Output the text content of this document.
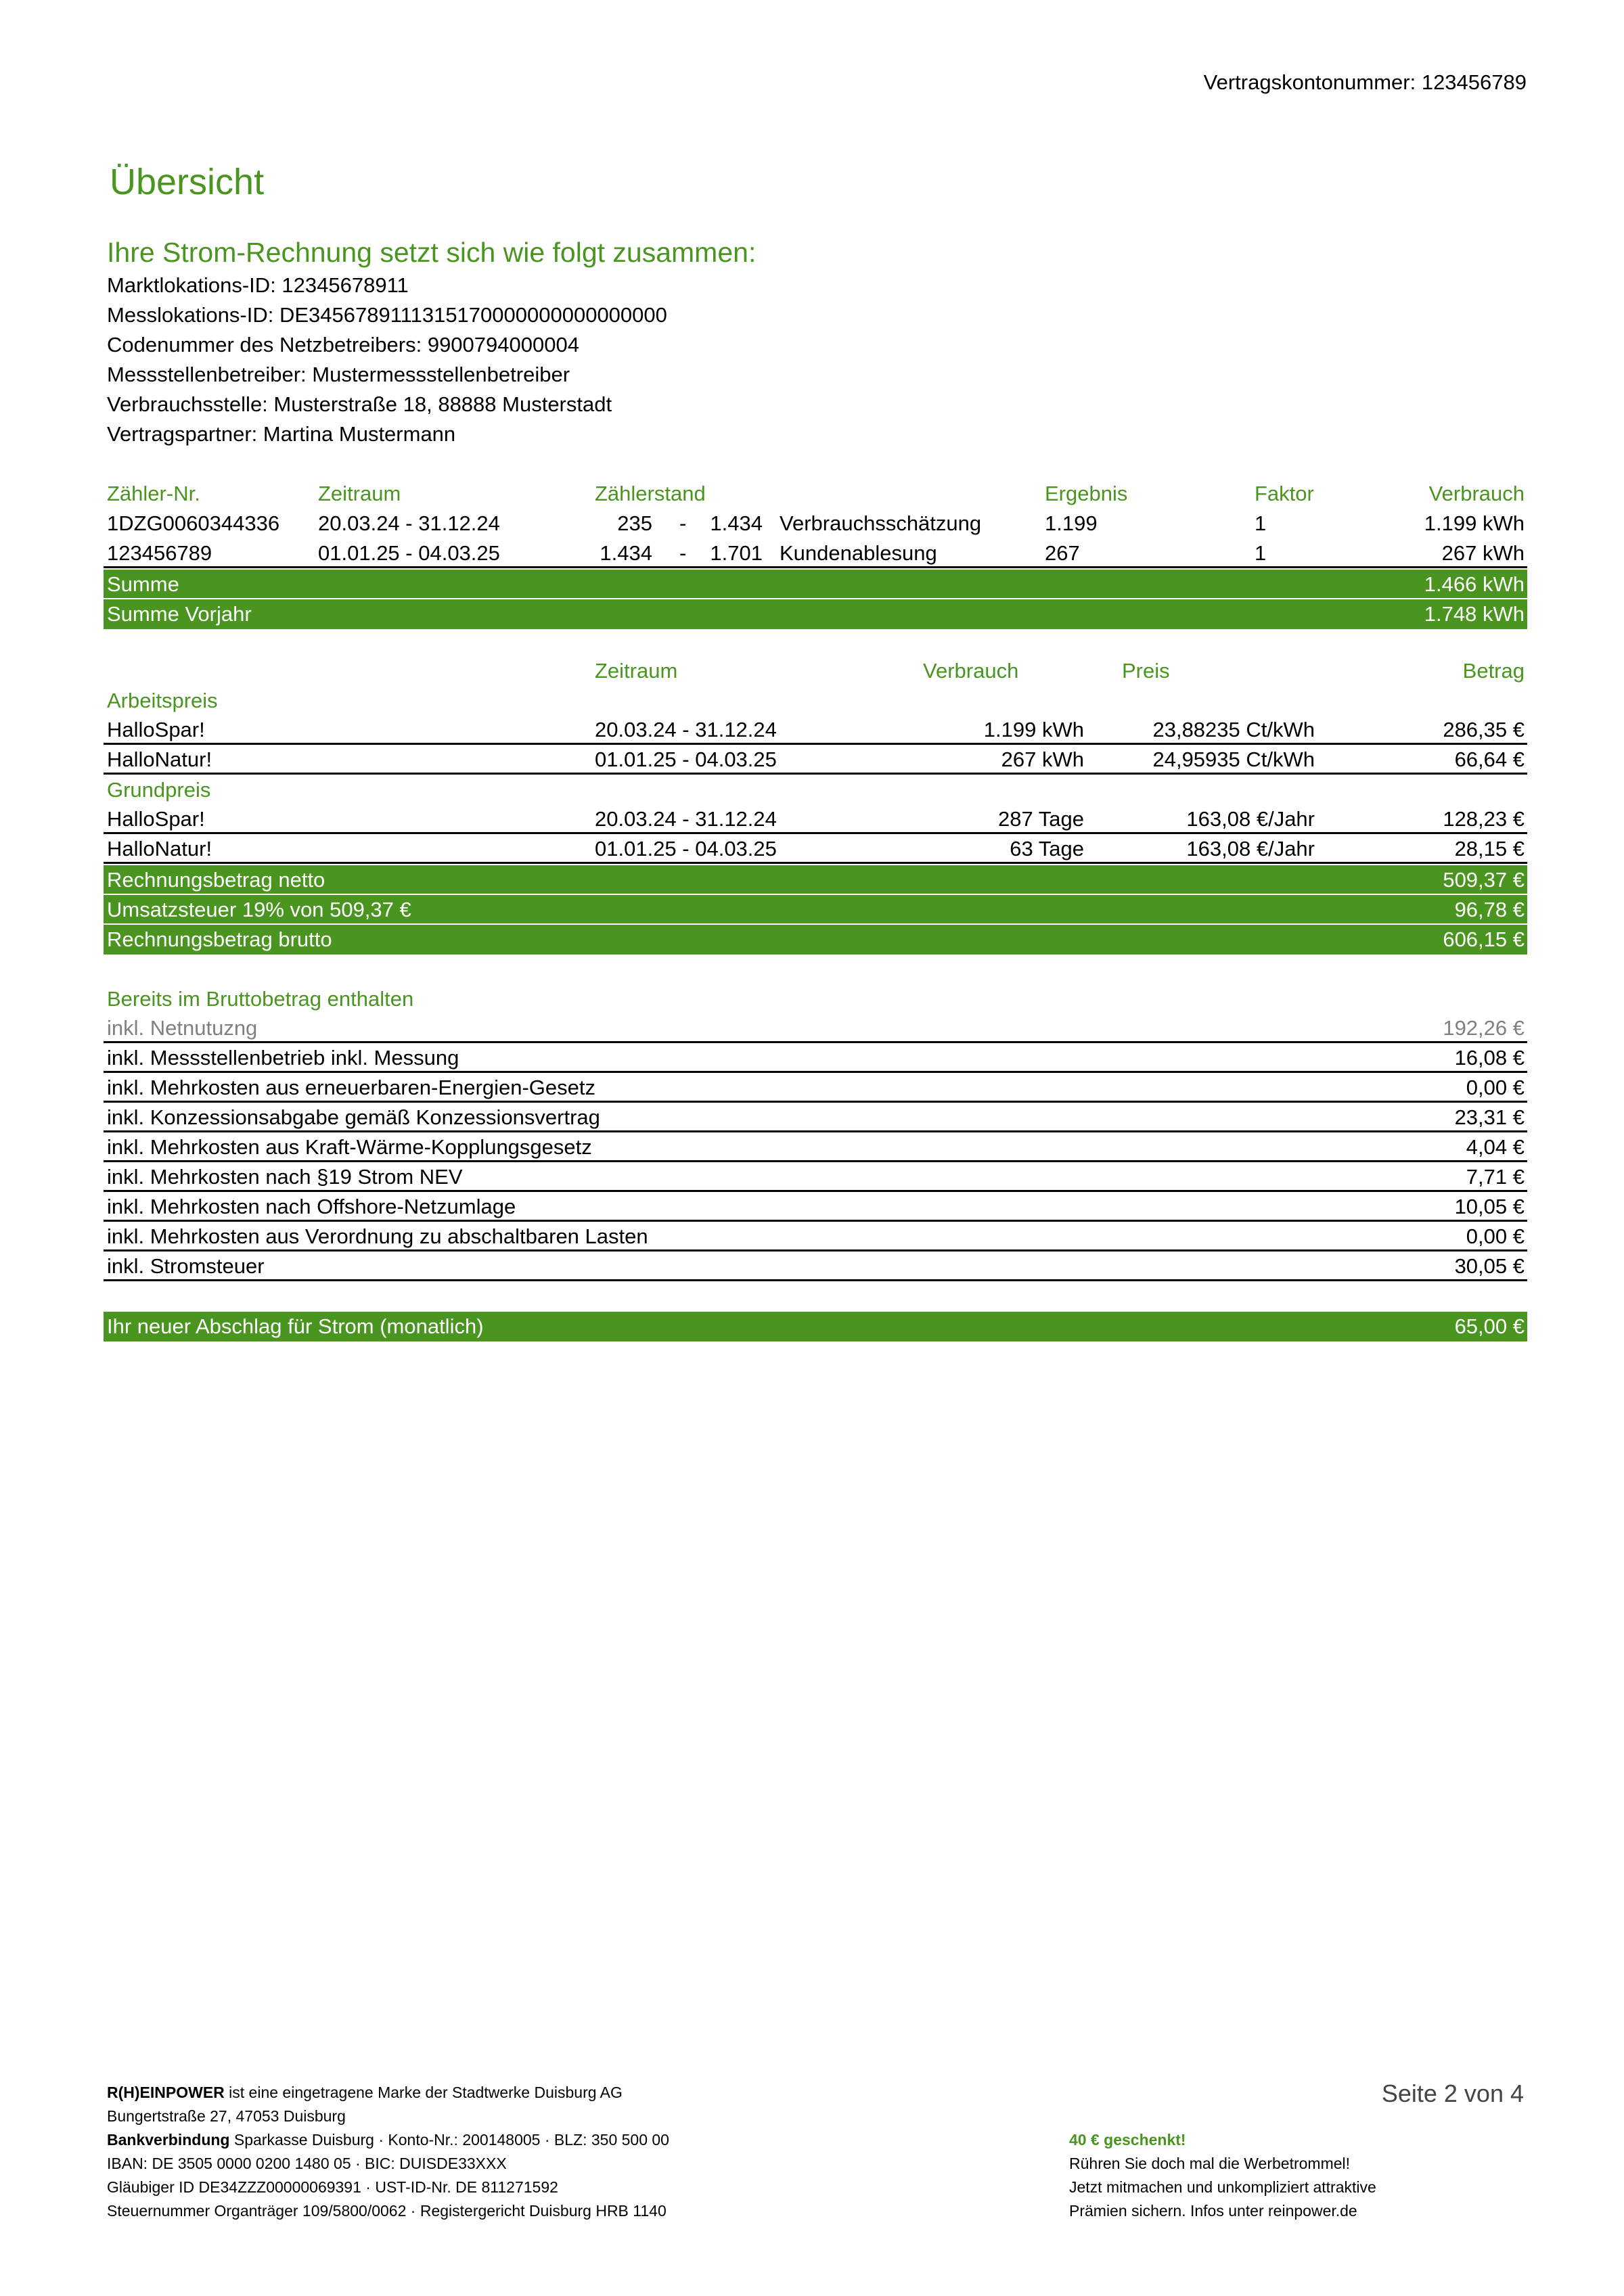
Vertragskontonummer: 123456789
Übersicht
Ihre Strom-Rechnung setzt sich wie folgt zusammen:
Marktlokations-ID: 12345678911
Messlokations-ID: DE3456789111315170000000000000000
Codenummer des Netzbetreibers: 9900794000004
Messstellenbetreiber: Mustermessstellenbetreiber
Verbrauchsstelle: Musterstraße 18, 88888 Musterstadt
Vertragspartner: Martina Mustermann
Zähler-Nr.	Zeitraum	Zählerstand	Ergebnis	Faktor	Verbrauch
1DZG0060344336 20.03.24 - 31.12.24	235 - 1.434 Verbrauchsschätzung	1.199	1	1.199 kWh
123456789	01.01.25 - 04.03.25	1.434 - 1.701 Kundenablesung	267	1	267 kWh
Summe	1.466 kWh
Summe Vorjahr	1.748 kWh
Zeitraum	Verbrauch	Preis	Betrag
Arbeitspreis
HalloSpar!	20.03.24 - 31.12.24	1.199 kWh	23,88235 Ct/kWh	286,35 €
HalloNatur!	01.01.25 - 04.03.25	267 kWh	24,95935 Ct/kWh	66,64 €
Grundpreis
HalloSpar!	20.03.24 - 31.12.24	287 Tage	163,08 €/Jahr	128,23 €
HalloNatur!	01.01.25 - 04.03.25	63 Tage	163,08 €/Jahr	28,15 €
Rechnungsbetrag netto	509,37 €
Umsatzsteuer 19% von 509,37 €	96,78 €
Rechnungsbetrag brutto	606,15 €
Bereits im Bruttobetrag enthalten
inkl. Netnutuzng	192,26 €
inkl. Messstellenbetrieb inkl. Messung	16,08 €
inkl. Mehrkosten aus erneuerbaren-Energien-Gesetz	0,00 €
inkl. Konzessionsabgabe gemäß Konzessionsvertrag	23,31 €
inkl. Mehrkosten aus Kraft-Wärme-Kopplungsgesetz	4,04 €
inkl. Mehrkosten nach §19 Strom NEV	7,71 €
inkl. Mehrkosten nach Offshore-Netzumlage	10,05 €
inkl. Mehrkosten aus Verordnung zu abschaltbaren Lasten	0,00 €
inkl. Stromsteuer	30,05 €
Ihr neuer Abschlag für Strom (monatlich)	65,00 €
R(H)EINPOWER ist eine eingetragene Marke der Stadtwerke Duisburg AG
Bungertstraße 27, 47053 Duisburg
Bankverbindung Sparkasse Duisburg · Konto-Nr.: 200148005 · BLZ: 350 500 00
IBAN: DE 3505 0000 0200 1480 05 · BIC: DUISDE33XXX
Gläubiger ID DE34ZZZ00000069391 · UST-ID-Nr. DE 811271592
Steuernummer Organträger 109/5800/0062 · Registergericht Duisburg HRB 1140
Seite 2 von 4
40 € geschenkt!
Rühren Sie doch mal die Werbetrommel!
Jetzt mitmachen und unkompliziert attraktive
Prämien sichern. Infos unter reinpower.de
